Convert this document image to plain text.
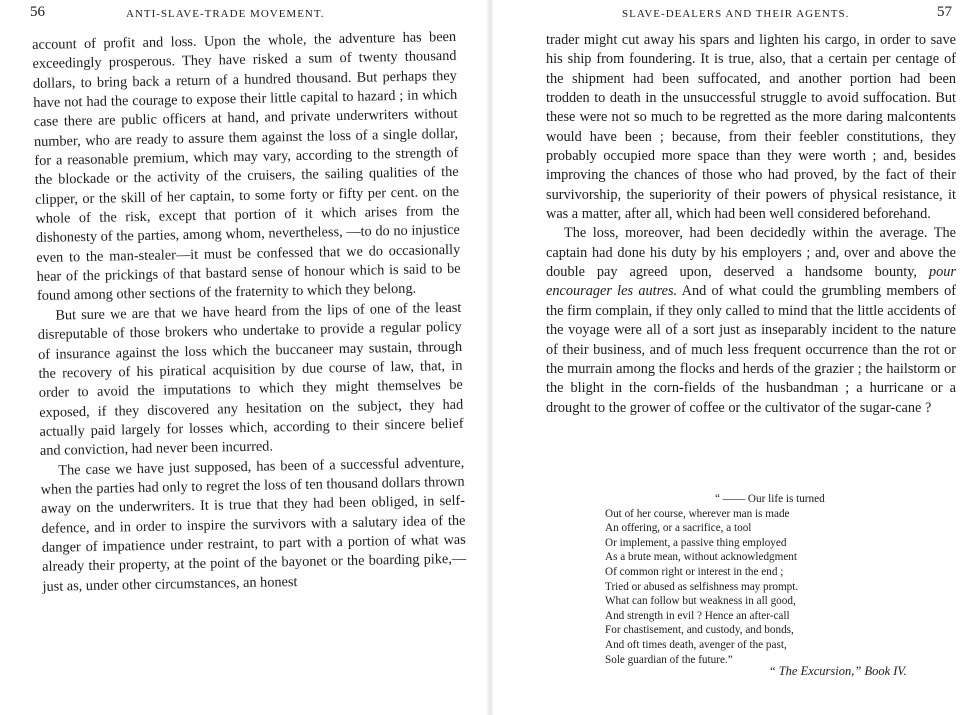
56	ANTI-SLAVE-TRADE MOVEMENT.

account of profit and loss. Upon the whole, the adventure has been exceedingly prosperous. They have risked a sum of twenty thousand dollars, to bring back a return of a hundred thousand. But perhaps they have not had the courage to expose their little capital to hazard ; in which case there are public officers at hand, and private underwriters without number, who are ready to assure them against the loss of a single dollar, for a reasonable premium, which may vary, according to the strength of the blockade or the activity of the cruisers, the sailing qualities of the clipper, or the skill of her captain, to some forty or fifty per cent. on the whole of the risk, except that portion of it which arises from the dishonesty of the parties, among whom, nevertheless, —to do no injustice even to the man-stealer—it must be confessed that we do occasionally hear of the prickings of that bastard sense of honour which is said to be found among other sections of the fraternity to which they belong.

But sure we are that we have heard from the lips of one of the least disreputable of those brokers who undertake to provide a regular policy of insurance against the loss which the buccaneer may sustain, through the recovery of his piratical acquisition by due course of law, that, in order to avoid the imputations to which they might themselves be exposed, if they discovered any hesitation on the subject, they had actually paid largely for losses which, according to their sincere belief and conviction, had never been incurred.

The case we have just supposed, has been of a successful adventure, when the parties had only to regret the loss of ten thousand dollars thrown away on the underwriters. It is true that they had been obliged, in self-defence, and in order to inspire the survivors with a salutary idea of the danger of impatience under restraint, to part with a portion of what was already their property, at the point of the bayonet or the boarding pike,—just as, under other circumstances, an honest

SLAVE-DEALERS AND THEIR AGENTS.	57

trader might cut away his spars and lighten his cargo, in order to save his ship from foundering. It is true, also, that a certain per centage of the shipment had been suffocated, and another portion had been trodden to death in the unsuccessful struggle to avoid suffocation. But these were not so much to be regretted as the more daring malcontents would have been ; because, from their feebler constitutions, they probably occupied more space than they were worth ; and, besides improving the chances of those who had proved, by the fact of their survivorship, the superiority of their powers of physical resistance, it was a matter, after all, which had been well considered beforehand.

The loss, moreover, had been decidedly within the average. The captain had done his duty by his employers ; and, over and above the double pay agreed upon, deserved a handsome bounty, pour encourager les autres. And of what could the grumbling members of the firm complain, if they only called to mind that the little accidents of the voyage were all of a sort just as inseparably incident to the nature of their business, and of much less frequent occurrence than the rot or the murrain among the flocks and herds of the grazier ; the hailstorm or the blight in the corn-fields of the husbandman ; a hurricane or a drought to the grower of coffee or the cultivator of the sugar-cane ?

“ —— Our life is turned
Out of her course, wherever man is made
An offering, or a sacrifice, a tool
Or implement, a passive thing employed
As a brute mean, without acknowledgment
Of common right or interest in the end ;
Tried or abused as selfishness may prompt.
What can follow but weakness in all good,
And strength in evil ? Hence an after-call
For chastisement, and custody, and bonds,
And oft times death, avenger of the past,
Sole guardian of the future.”
“ The Excursion,” Book IV.
